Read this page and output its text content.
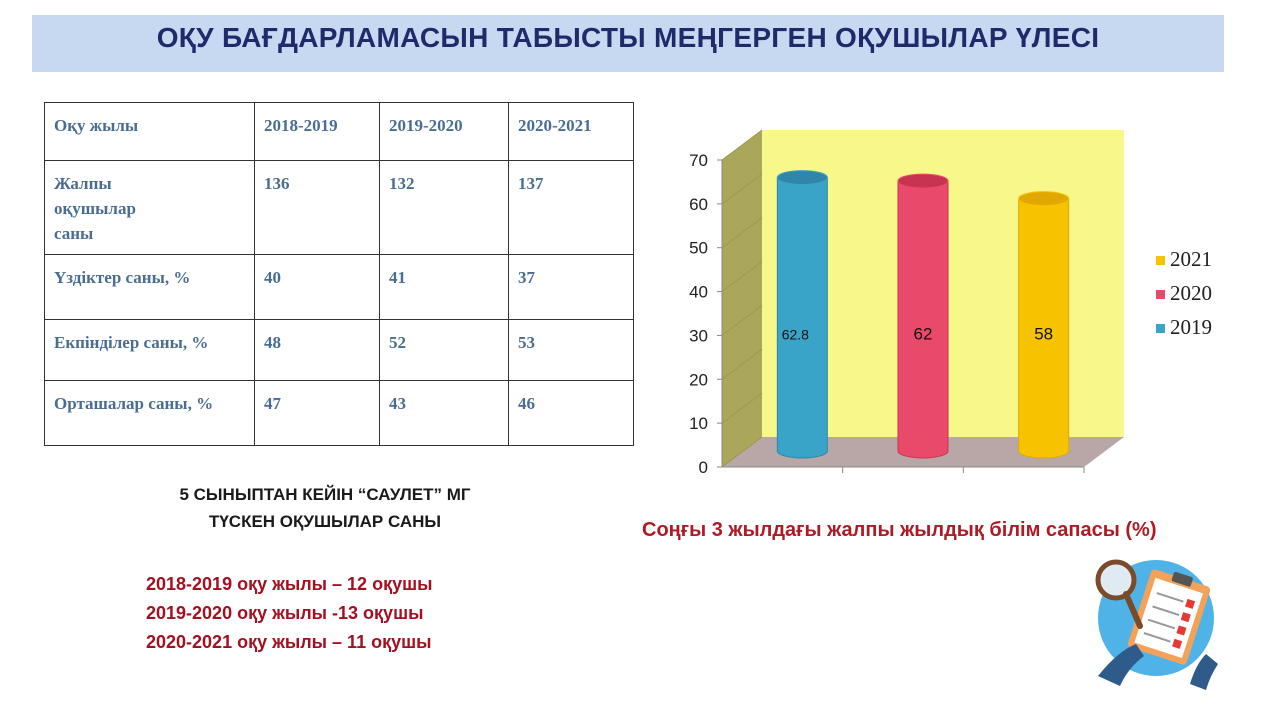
ОҚУ БАҒДАРЛАМАСЫН ТАБЫСТЫ МЕҢГЕРГЕН ОҚУШЫЛАР ҮЛЕСІ
Оқу жылы	2018-2019	2019-2020	2020-2021

Жалпы оқушылар саны	136	132	137

Үздіктер саны, %	40	41	37

Екпінділер саны, %	48	52	53

Орташалар саны, %	47	43	46
5 СЫНЫПТАН КЕЙІН “САУЛЕТ” МГ
ТҮСКЕН ОҚУШЫЛАР САНЫ
2018-2019 оқу жылы – 12 оқушы
2019-2020 оқу жылы -13 оқушы
2020-2021 оқу жылы – 11 оқушы
0
10
20
30
40
50
60
70
62.8	62	58
2021
2020
2019
Соңғы 3 жылдағы жалпы жылдық білім сапасы (%)
